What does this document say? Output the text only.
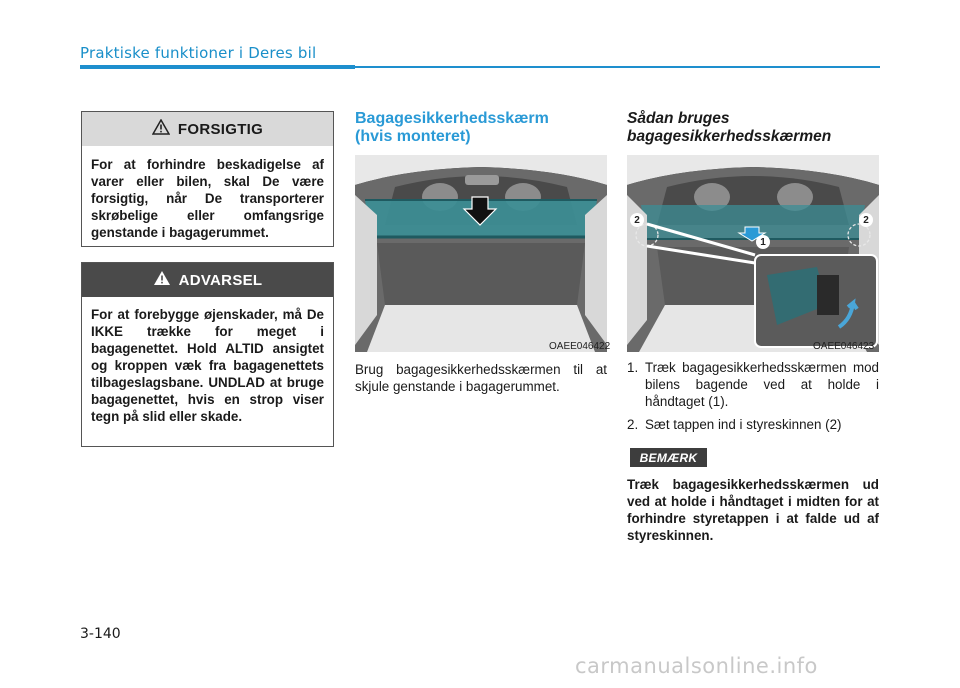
Praktiske funktioner i Deres bil
FORSIGTIG
For at forhindre beskadigelse af varer eller bilen, skal De være forsigtig, når De transporterer skrøbelige eller omfangsrige genstande i bagagerummet.
ADVARSEL
For at forebygge øjenskader, må De IKKE trække for meget i bagagenettet. Hold ALTID ansigtet og kroppen væk fra bagagenettets tilbageslagsbane. UNDLAD at bruge bagagenettet, hvis en strop viser tegn på slid eller skade.
Bagagesikkerhedsskærm
(hvis monteret)
OAEE046422
Brug bagagesikkerhedsskærmen til at skjule genstande i bagagerummet.
Sådan bruges
bagagesikkerhedsskærmen
1
2	2
OAEE046423
1. Træk bagagesikkerhedsskærmen mod bilens bagende ved at holde i håndtaget (1).
2. Sæt tappen ind i styreskinnen (2)
BEMÆRK
Træk bagagesikkerhedsskærmen ud ved at holde i håndtaget i midten for at forhindre styretappen i at falde ud af styreskinnen.
3-140
carmanualsonline.info
